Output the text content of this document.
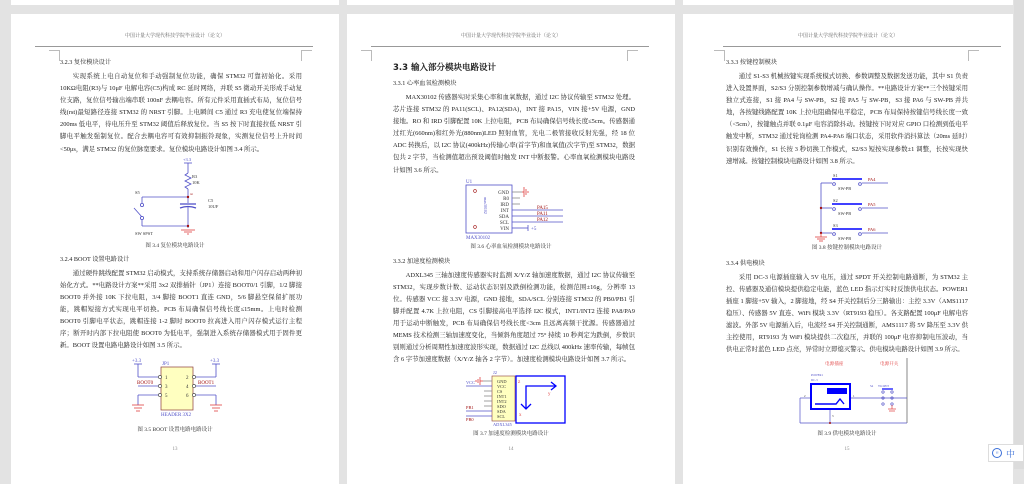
中国计量大学现代科技学院毕业设计（论文）
3.2.3 复位模块设计
实现系统上电自动复位和手动强制复位功能，确保 STM32 可靠初始化。采用 10KΩ电阻(R3)与 10μF 电解电容(C5)构成 RC 延时网络，并联 S5 微动开关形成手动复位支路，复位信号输出端串联 100nF 去耦电容。所有元件采用直插式布局，复位信号线(rst)最短路径连接 STM32 的 NRST 引脚。上电瞬间 C5 通过 R3 充电使复位端保持 200ms 低电平，待电压升至 STM32 阈值后释放复位。当 S5 按下时直接拉低 NRST 引脚电平触发强制复位。配合去耦电容可有效抑制振铃现象，实测复位信号上升时间<50μs，满足 STM32 的复位脉宽要求。复位模块电路设计如图 3.4 所示。
+3.3
R3
10K
rst
C5
10UF
S5
SW SPST
图 3.4 复位模块电路设计
3.2.4 BOOT 设置电路设计
通过硬件跳线配置 STM32 启动模式，支持系统存储器启动和用户闪存启动两种初始化方式。**电路设计方案**采用 3x2 双排插针（JP1）连接 BOOT0/1 引脚，1/2 脚接 BOOT0 并外接 10K 下拉电阻，3/4 脚接 BOOT1 直连 GND，5/6 脚悬空保留扩展功能，跳帽短接方式实现电平切换。PCB 布局确保信号线长度≤15mm。上电时检测 BOOT0 引脚电平状态，跳帽连接 1-2 脚时 BOOT0 拉高进入用户闪存模式运行主程序；断开时内部下拉电阻使 BOOT0 为低电平，强制进入系统存储器模式用于固件更新。BOOT 设置电路电路设计如图 3.5 所示。
+3.3	+3.3
JP1
BOOT0	BOOT1
1
3
5
2
4
6
HEADER 3X2
图 3.5 BOOT 设置电路电路设计
13
中国计量大学现代科技学院毕业设计（论文）
3.3 输入部分模块电路设计
3.3.1 心率血氧检测模块
MAX30102 传感器实时采集心率和血氧数据，通过 I2C 协议传输至 STM32 处理。芯片连接 STM32 的 PA11(SCL)、PA12(SDA)，INT 接 PA15，VIN 接+5V 电源，GND 接地。RO 和 IRD 引脚配置 10K 上拉电阻，PCB 布局确保信号线长度≤5cm。传感器通过红光(660nm)和红外光(880nm)LED 照射血管，光电二极管接收反射光强，经 18 位 ADC 转换后，以 I2C 协议(400kHz)传输心率(首字节)和血氧值(次字节)至 STM32，数据包共 2 字节，当检测值超出预设阈值时触发 INT 中断报警。心率血氧检测模块电路设计如图 3.6 所示。
max30102
GND
R0
IRD
INT
SDA
SCL
VIN
PA15
PA11
PA12
+5
U1
MAX30102
图 3.6 心率血氧检测模块电路设计
3.3.2 加速度检测模块
ADXL345 三轴加速度传感器实时监测 X/Y/Z 轴加速度数据，通过 I2C 协议传输至 STM32，实现步数计数、运动状态识别及跌倒检测功能，检测范围±16g，分辨率 13 位。传感器 VCC 接 3.3V 电源，GND 接地，SDA/SCL 分别连接 STM32 的 PB0/PB1 引脚并配置 4.7K 上拉电阻，CS 引脚接高电平选择 I2C 模式，INT1/INT2 连接 PA8/PA9 用于运动中断触发，PCB 布局确保信号线长度<3cm 且远离高频干扰源。传感器通过 MEMS 技术检测三轴加速度变化，当倾斜角度超过 75° 持续 10 秒判定为跌倒，步数识别则通过分析周期性加速度波形实现，数据通过 I2C 总线以 400kHz 速率传输，每帧包含 6 字节加速度数据（X/Y/Z 轴各 2 字节）。加速度检测模块电路设计如图 3.7 所示。
z
y
x
GND
VCC
CS
INT1
INT2
SDO
SDA
SCL
J2
ADXL345
VCC
PB1
PB0
图 3.7 加速度检测模块电路设计
14
中国计量大学现代科技学院毕业设计（论文）
3.3.3 按键控制模块
通过 S1-S3 机械按键实现系统模式切换、参数调整及数据发送功能，其中 S1 负责进入设置界面，S2/S3 分别控制参数增减与确认操作。**电路设计方案**三个按键采用独立式连接，S1 接 PA4 与 SW-PB，S2 接 PA5 与 SW-PB，S3 接 PA6 与 SW-PB 并共地，各按键线路配置 10K 上拉电阻确保电平稳定，PCB 布局保持按键信号线长度一致（<5cm），按键触点并联 0.1μF 电容消除抖动。按键按下时对应 GPIO 口检测到低电平触发中断，STM32 通过轮询检测 PA4-PA6 端口状态，采用软件消抖算法（20ms 延时）识别有效操作，S1 长按 3 秒切换工作模式，S2/S3 短按实现参数±1 调整，长按实现快速增减。按键控制模块电路设计如图 3.8 所示。
S1
SW-PB
PA4
S2
SW-PB
PA5
S3
SW-PB
PA6
图 3.8 按键控制模块电路设计
3.3.4 供电模块
采用 DC-3 电源插座输入 5V 电压，通过 SPDT 开关控制电路通断，为 STM32 主控、传感器及通信模块提供稳定电能，蓝色 LED 指示灯实时反馈供电状态。POWER1 插座 1 脚接+5V 输入，2 脚接地，经 S4 开关控制后分三路输出：主控 3.3V（AMS1117 稳压）、传感器 5V 直连、WiFi 模块 3.3V（RT9193 稳压）。各支路配置 100μF 电解电容滤波。外部 5V 电源插入后，电流经 S4 开关控制通断，AMS1117 将 5V 降压至 3.3V 供主控使用，RT9193 为 WiFi 模块提供二次稳压，并联的 100μF 电容抑制电压波动，当供电正常时蓝色 LED 点亮，异常时立即熄灭警示。供电模块电路设计如图 3.9 所示。
电源插座	电源开关
POWER1
DC-3
S4 SW-SPDT
2	1
3
图 3.9 供电模块电路设计
15
ㅂ 中
